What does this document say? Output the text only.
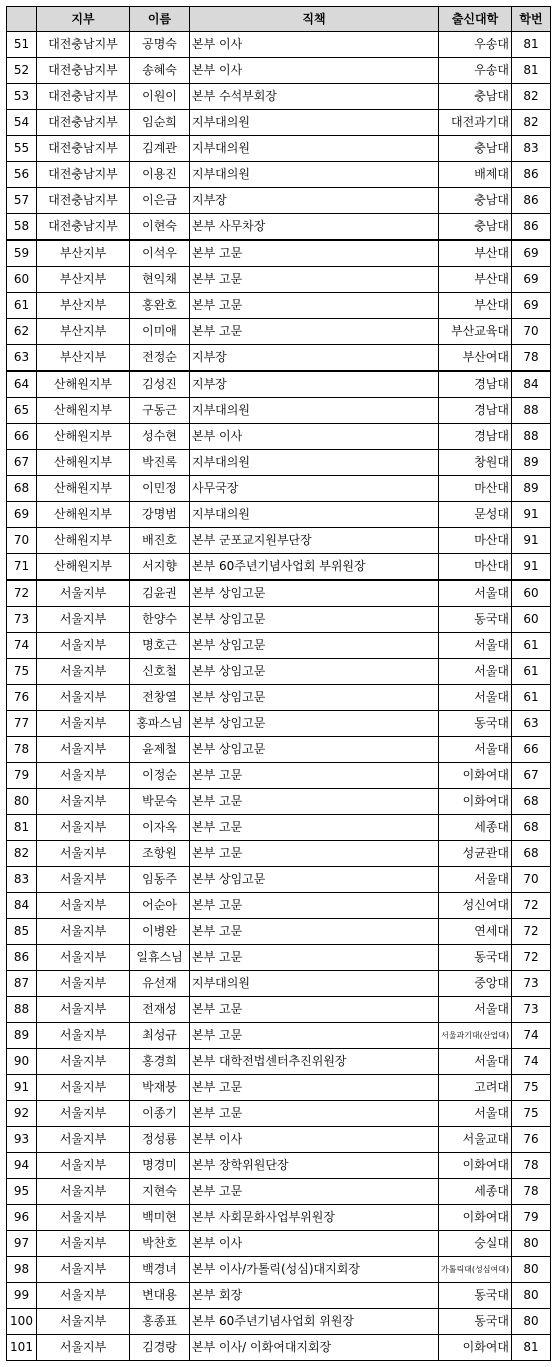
	지부	이름	직책	출신대학	학번
51	대전충남지부	공명숙	본부 이사	우송대	81
52	대전충남지부	송혜숙	본부 이사	우송대	81
53	대전충남지부	이원이	본부 수석부회장	충남대	82
54	대전충남지부	임순희	지부대의원	대전과기대	82
55	대전충남지부	김계관	지부대의원	충남대	83
56	대전충남지부	이용진	지부대의원	배제대	86
57	대전충남지부	이은금	지부장	충남대	86
58	대전충남지부	이현숙	본부 사무차장	충남대	86
59	부산지부	이석우	본부 고문	부산대	69
60	부산지부	현익채	본부 고문	부산대	69
61	부산지부	홍완호	본부 고문	부산대	69
62	부산지부	이미애	본부 고문	부산교육대	70
63	부산지부	전정순	지부장	부산여대	78
64	산해원지부	김성진	지부장	경남대	84
65	산해원지부	구동근	지부대의원	경남대	88
66	산해원지부	성수현	본부 이사	경남대	88
67	산해원지부	박진록	지부대의원	창원대	89
68	산해원지부	이민정	사무국장	마산대	89
69	산해원지부	강명범	지부대의원	문성대	91
70	산해원지부	배진호	본부 군포교지원부단장	마산대	91
71	산해원지부	서지향	본부 60주년기념사업회 부위원장	마산대	91
72	서울지부	김윤권	본부 상임고문	서울대	60
73	서울지부	한양수	본부 상임고문	동국대	60
74	서울지부	명호근	본부 상임고문	서울대	61
75	서울지부	신호철	본부 상임고문	서울대	61
76	서울지부	전창열	본부 상임고문	서울대	61
77	서울지부	홍파스님	본부 상임고문	동국대	63
78	서울지부	윤제철	본부 상임고문	서울대	66
79	서울지부	이정순	본부 고문	이화여대	67
80	서울지부	박문숙	본부 고문	이화여대	68
81	서울지부	이자옥	본부 고문	세종대	68
82	서울지부	조항원	본부 고문	성균관대	68
83	서울지부	임동주	본부 상임고문	서울대	70
84	서울지부	어순아	본부 고문	성신여대	72
85	서울지부	이병완	본부 고문	연세대	72
86	서울지부	일휴스님	본부 고문	동국대	72
87	서울지부	유선재	지부대의원	중앙대	73
88	서울지부	전재성	본부 고문	서울대	73
89	서울지부	최성규	본부 고문	서울과기대(산업대)	74
90	서울지부	홍경희	본부 대학전법센터추진위원장	서울대	74
91	서울지부	박재붕	본부 고문	고려대	75
92	서울지부	이종기	본부 고문	서울대	75
93	서울지부	정성룡	본부 이사	서울교대	76
94	서울지부	명경미	본부 장학위원단장	이화여대	78
95	서울지부	지현숙	본부 고문	세종대	78
96	서울지부	백미현	본부 사회문화사업부위원장	이화여대	79
97	서울지부	박찬호	본부 이사	숭실대	80
98	서울지부	백경녀	본부 이사/가톨릭(성심)대지회장	가톨릭대(성심여대)	80
99	서울지부	변대용	본부 회장	동국대	80
100	서울지부	홍종표	본부 60주년기념사업회 위원장	동국대	80
101	서울지부	김경랑	본부 이사/ 이화여대지회장	이화여대	81
